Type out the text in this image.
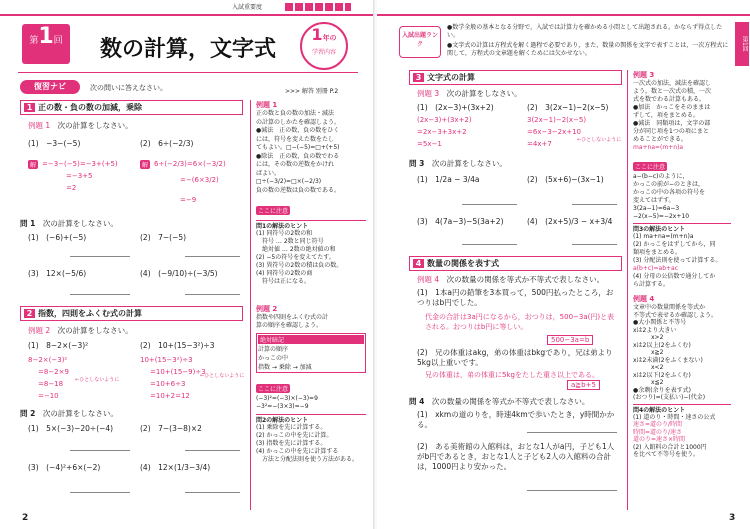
入試重要度
第1回	数の計算，文字式
1年の
学習内容
復習ナビ	次の問いに答えなさい。	>>> 解答 別冊 P.2
1 正の数・負の数の加減，乗除
例題 1　 次の計算をしなさい。
(1)　−3−(−5)	(2)　6÷(−2/3)
解 =−3−(−5)=−3+(+5)
=−3+5
=2
解 6÷(−2/3)=6×(−3/2)
=−(6×3/2)
=−9
問 1　 次の計算をしなさい。
(1)　(−6)+(−5)	(2)　7−(−5)
(3)　12×(−5/6)	(4)　(−9/10)÷(−3/5)
2 指数，四則をふくむ式の計算
例題 2　 次の計算をしなさい。
(1)　8−2×(−3)²	(2)　10+(15−3²)÷3
8−2×(−3)²
=8−2×9
=8−18
=−10
←ひとしないように
10+(15−3²)÷3
=10+(15−9)÷3
=10+6÷3
=10+2=12
←ひとしないように
問 2　 次の計算をしなさい。
(1)　5×(−3)−20÷(−4)	(2)　7−(3−8)×2
(3)　(−4)²+6×(−2)	(4)　12×(1/3−3/4)
例題 1
正の数と負の数の加法・減法
の計算のしかたを確認しよう。
●減法　正の数，負の数をひく
には，符号を変えた数をたし
てもよい。□−(−5)=□+(+5)
●除法　正の数，負の数でわる
には，その数の逆数をかけれ
ばよい。
□÷(−3/2)=□×(−2/3)
負の数の逆数は負の数である。
ここに注意
問1の解法のヒント
(1) 同符号の2数の和
　符号 … 2数と同じ符号
　絶対値 … 2数の絶対値の和
(2) −5の符号を変えてたす。
(3) 異符号の2数の積は負の数。
(4) 同符号の2数の商
　符号は正になる。
例題 2
指数や四則をふくむ式の計
算の順序を確認しよう。
絶対暗記
計算の順序
かっこの中
指数 → 乗除 → 加減
ここに注意
(−3)²=(−3)×(−3)=9　−3²=−(3×3)=−9
問2の解法のヒント
(1) 乗除を先に計算する。
(2) かっこの中を先に計算。
(3) 指数を先に計算する。
(4) かっこの中を先に計算する
　方法と分配法則を使う方法がある。
2
第1回
入試出題ランク
●数学全般の基本となる分野で，入試では計算力を確かめる小問として出題される。かならず得点したい。
●文字式の計算は方程式を解く過程で必要であり，また，数量の関係を文字で表すことは，一次方程式に関して，方程式の文章題を解くためには欠かせない。
3 文字式の計算
例題 3　 次の計算をしなさい。
(1)　(2x−3)+(3x+2)	(2)　3(2x−1)−2(x−5)
(2x−3)+(3x+2)
=2x−3+3x+2
=5x−1
3(2x−1)−2(x−5)
=6x−3−2x+10
=4x+7	←ひとしないように
問 3　 次の計算をしなさい。
(1)　1/2a − 3/4a	(2)　(5x+6)−(3x−1)
(3)　4(7a−3)−5(3a+2)	(4)　(2x+5)/3 − x+3/4
4 数量の関係を表す式
例題 4　 次の数量の関係を等式か不等式で表しなさい。
(1)　1本a円の鉛筆を3本買って，500円払ったところ，おつりはb円でした。
代金の合計は3a円になるから，おつりは，500−3a(円)と表される。おつりはb円に等しい。
500−3a=b
(2)　兄の体重はakg，弟の体重はbkgであり，兄は弟より5kg以上重いです。
兄の体重は，弟の体重に5kgをたした重さ以上である。
a≧b+5
問 4　 次の数量の関係を等式か不等式で表しなさい。
(1)　xkmの道のりを，時速4kmで歩いたとき，y時間かかる。
(2)　ある美術館の入館料は，おとな1人がa円，子ども1人がb円であるとき，おとな1人と子ども2人の入館料の合計は，1000円より安かった。
例題 3
一次式の加法，減法を確認し
よう。数と一次式の積，一次
式を数でわる計算もある。
●加法　かっこをそのままは
ずして，項をまとめる。
●減法　同類項は，文字の部
分が同じ項を1つの項にまと
めることができる。
ma+na=(m+n)a
ここに注意
a−(b−c)のように，
かっこの前が−のときは，
かっこの中の各項の符号を
変えてはずす。
3(2a−1)=6a−3
−2(x−5)=−2x+10
問3の解法のヒント
(1) ma+na=(m+n)a
(2) かっこをはずしてから，同
類項をまとめる。
(3) 分配法則を使って計算する。
a(b+c)=ab+ac
(4) 分母の公倍数で通分してか
ら計算する。
例題 4
文章中の数量関係を等式か
不等式で表せるか確認しよう。
●大小関係と不等号
xは2より大きい
　　　x>2
xは2以上(2をふくむ)
　　　x≧2
xは2未満(2をふくまない)
　　　x<2
xは2以下(2をふくむ)
　　　x≦2
●余剰(余りを表す式)
(おつり)=(支払い)−(代金)
問4の解法のヒント
(1) 道のり・時間・速さの公式
速さ=道のり/時間
時間=道のり/速さ
道のり=速さ×時間
(2) 入館料の合計と1000円
を比べて不等号を使う。
3
